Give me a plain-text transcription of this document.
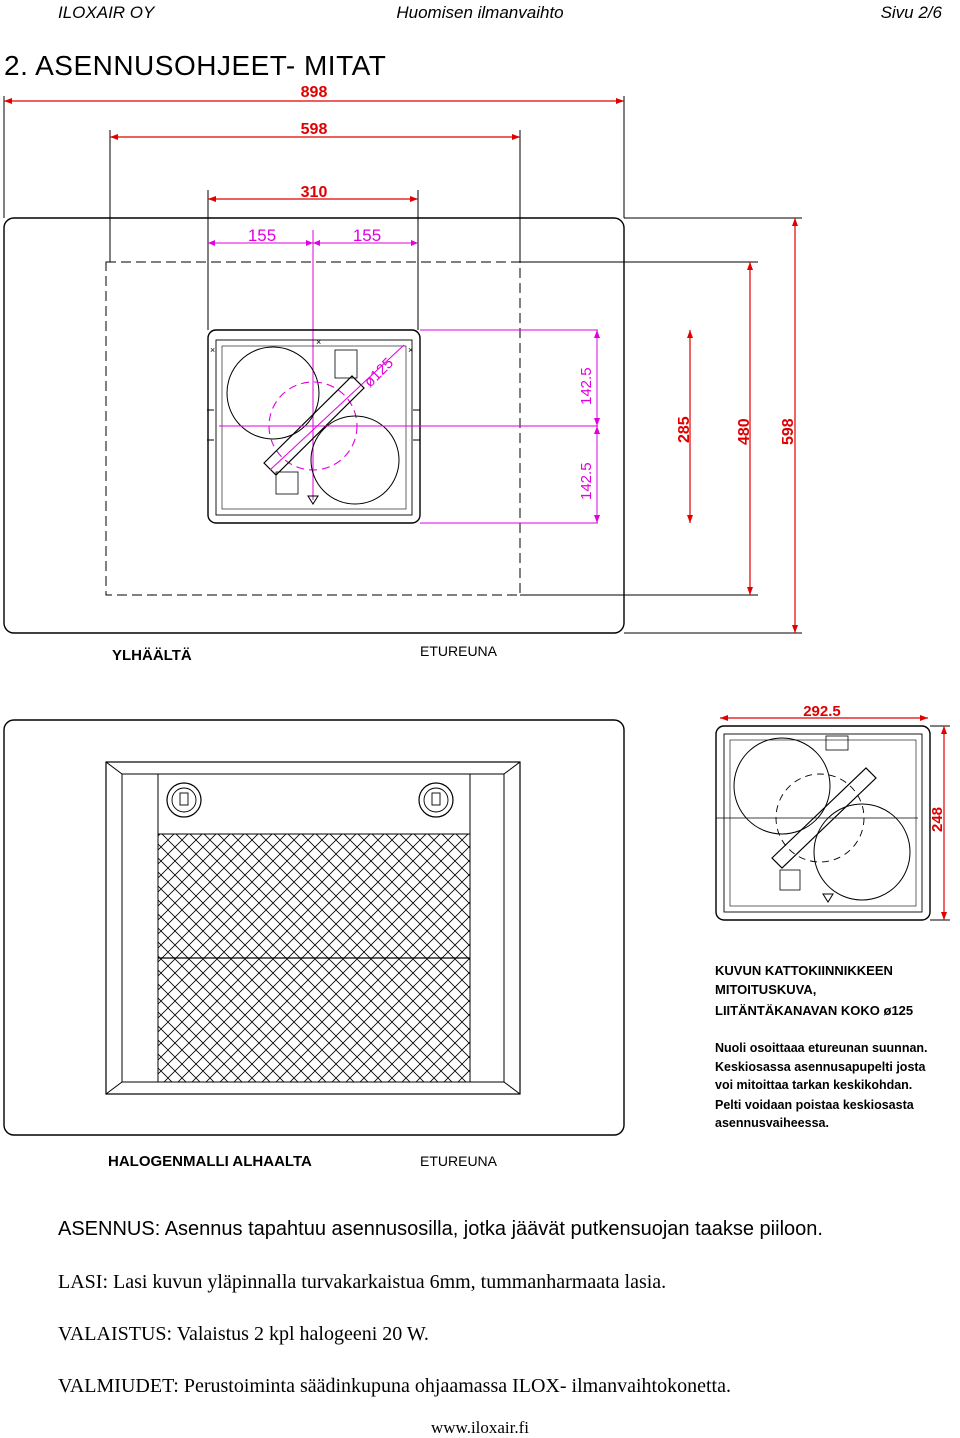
ILOXAIR OY	Huomisen ilmanvaihto	Sivu 2/6
2. ASENNUSOHJEET- MITAT
×
×
×
898
598
310
155	155
ø125	142.5
142.5
285	480 598
YLHÄÄLTÄ	ETUREUNA
HALOGENMALLI ALHAALTA	ETUREUNA
292.5
248
KUVUN KATTOKIINNIKKEEN
MITOITUSKUVA,
LIITÄNTÄKANAVAN KOKO ø125
Nuoli osoittaaa etureunan suunnan.
Keskiosassa asennusapupelti josta
voi mitoittaa tarkan keskikohdan.
Pelti voidaan poistaa keskiosasta
asennusvaiheessa.
ASENNUS: Asennus tapahtuu asennusosilla, jotka jäävät putkensuojan taakse piiloon.
LASI: Lasi kuvun yläpinnalla turvakarkaistua 6mm, tummanharmaata lasia.
VALAISTUS: Valaistus 2 kpl halogeeni 20 W.
VALMIUDET: Perustoiminta säädinkupuna ohjaamassa ILOX- ilmanvaihtokonetta.
www.iloxair.fi
